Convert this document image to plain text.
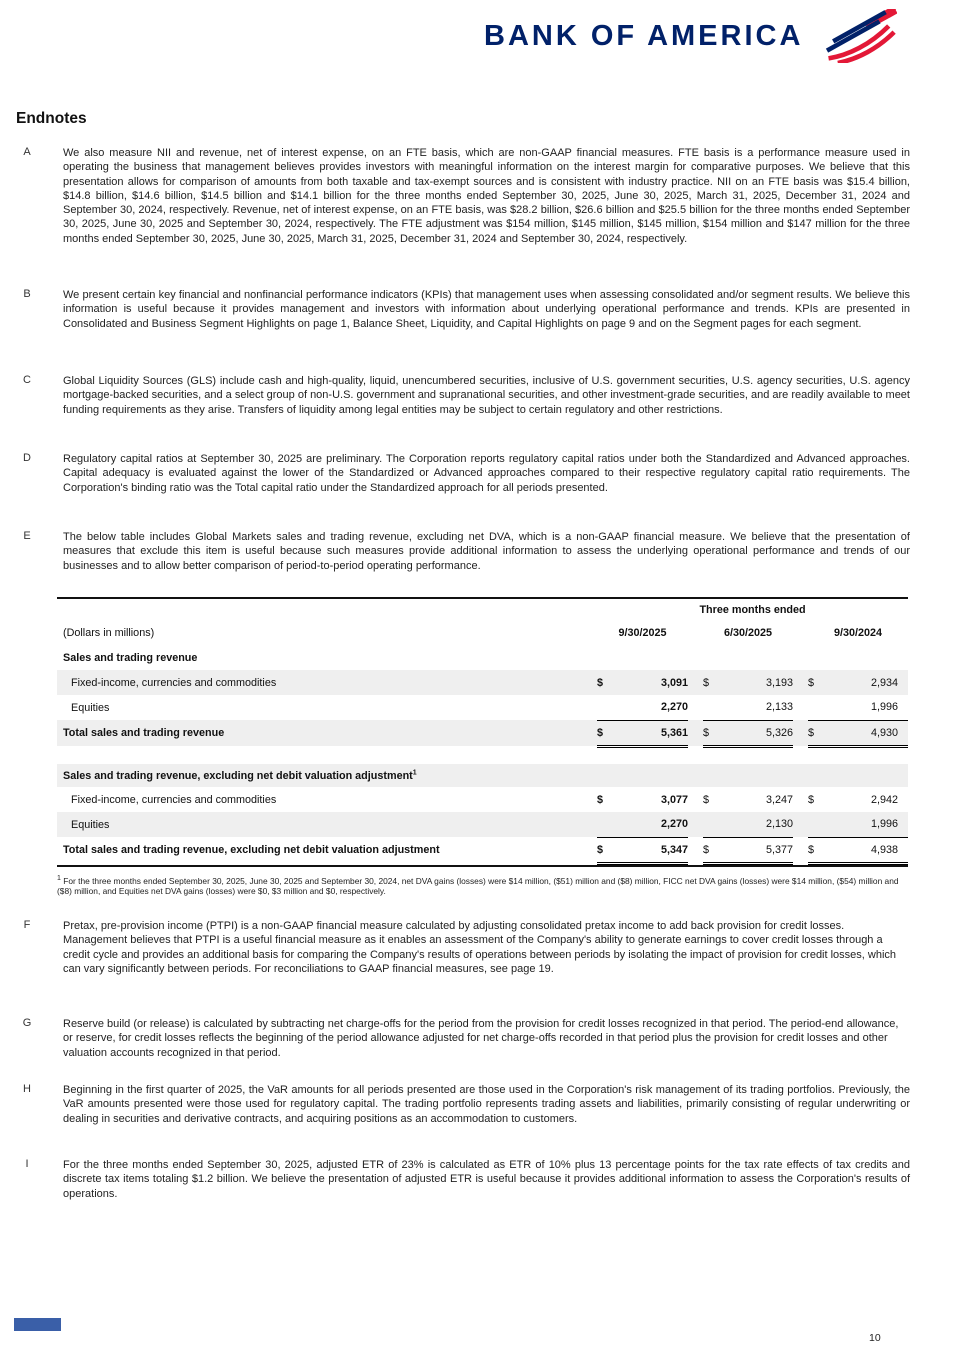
BANK OF AMERICA
Endnotes
A	We also measure NII and revenue, net of interest expense, on an FTE basis, which are non-GAAP financial measures. FTE basis is a performance measure used in operating the business that management believes provides investors with meaningful information on the interest margin for comparative purposes. We believe that this presentation allows for comparison of amounts from both taxable and tax-exempt sources and is consistent with industry practice. NII on an FTE basis was $15.4 billion, $14.8 billion, $14.6 billion, $14.5 billion and $14.1 billion for the three months ended September 30, 2025, June 30, 2025, March 31, 2025, December 31, 2024 and September 30, 2024, respectively. Revenue, net of interest expense, on an FTE basis, was $28.2 billion, $26.6 billion and $25.5 billion for the three months ended September 30, 2025, June 30, 2025 and September 30, 2024, respectively. The FTE adjustment was $154 million, $145 million, $145 million, $154 million and $147 million for the three months ended September 30, 2025, June 30, 2025, March 31, 2025, December 31, 2024 and September 30, 2024, respectively.
B	We present certain key financial and nonfinancial performance indicators (KPIs) that management uses when assessing consolidated and/or segment results. We believe this information is useful because it provides management and investors with information about underlying operational performance and trends. KPIs are presented in Consolidated and Business Segment Highlights on page 1, Balance Sheet, Liquidity, and Capital Highlights on page 9 and on the Segment pages for each segment.
C	Global Liquidity Sources (GLS) include cash and high-quality, liquid, unencumbered securities, inclusive of U.S. government securities, U.S. agency securities, U.S. agency mortgage-backed securities, and a select group of non-U.S. government and supranational securities, and other investment-grade securities, and are readily available to meet funding requirements as they arise. Transfers of liquidity among legal entities may be subject to certain regulatory and other restrictions.
D	Regulatory capital ratios at September 30, 2025 are preliminary. The Corporation reports regulatory capital ratios under both the Standardized and Advanced approaches. Capital adequacy is evaluated against the lower of the Standardized or Advanced approaches compared to their respective regulatory capital ratio requirements. The Corporation's binding ratio was the Total capital ratio under the Standardized approach for all periods presented.
E	The below table includes Global Markets sales and trading revenue, excluding net DVA, which is a non-GAAP financial measure. We believe that the presentation of measures that exclude this item is useful because such measures provide additional information to assess the underlying operational performance and trends of our businesses and to allow better comparison of period-to-period operating performance.
	Three months ended							
(Dollars in millions)	9/30/2025			6/30/2025			9/30/2024	
Sales and trading revenue								
Fixed-income, currencies and commodities	$	3,091		$	3,193		$	2,934
Equities		2,270			2,133			1,996
Total sales and trading revenue	$	5,361		$	5,326		$	4,930

Sales and trading revenue, excluding net debit valuation adjustment$^1$
Fixed-income, currencies and commodities	$	3,077		$	3,247		$	2,942
Equities		2,270			2,130			1,996
Total sales and trading revenue, excluding net debit valuation adjustment	$	5,347		$	5,377		$	4,938
$^1$ For the three months ended September 30, 2025, June 30, 2025 and September 30, 2024, net DVA gains (losses) were $14 million, ($51) million and ($8) million, FICC net DVA gains (losses) were $14 million, ($54) million and ($8) million, and Equities net DVA gains (losses) were $0, $3 million and $0, respectively.
F	Pretax, pre-provision income (PTPI) is a non-GAAP financial measure calculated by adjusting consolidated pretax income to add back provision for credit losses. Management believes that PTPI is a useful financial measure as it enables an assessment of the Company's ability to generate earnings to cover credit losses through a credit cycle and provides an additional basis for comparing the Company's results of operations between periods by isolating the impact of provision for credit losses, which can vary significantly between periods. For reconciliations to GAAP financial measures, see page 19.
G	Reserve build (or release) is calculated by subtracting net charge-offs for the period from the provision for credit losses recognized in that period. The period-end allowance, or reserve, for credit losses reflects the beginning of the period allowance adjusted for net charge-offs recorded in that period plus the provision for credit losses and other valuation accounts recognized in that period.
H	Beginning in the first quarter of 2025, the VaR amounts for all periods presented are those used in the Corporation's risk management of its trading portfolios. Previously, the VaR amounts presented were those used for regulatory capital. The trading portfolio represents trading assets and liabilities, primarily consisting of regular underwriting or dealing in securities and derivative contracts, and acquiring positions as an accommodation to customers.
I	For the three months ended September 30, 2025, adjusted ETR of 23% is calculated as ETR of 10% plus 13 percentage points for the tax rate effects of tax credits and discrete tax items totaling $1.2 billion. We believe the presentation of adjusted ETR is useful because it provides additional information to assess the Corporation's results of operations.
10
